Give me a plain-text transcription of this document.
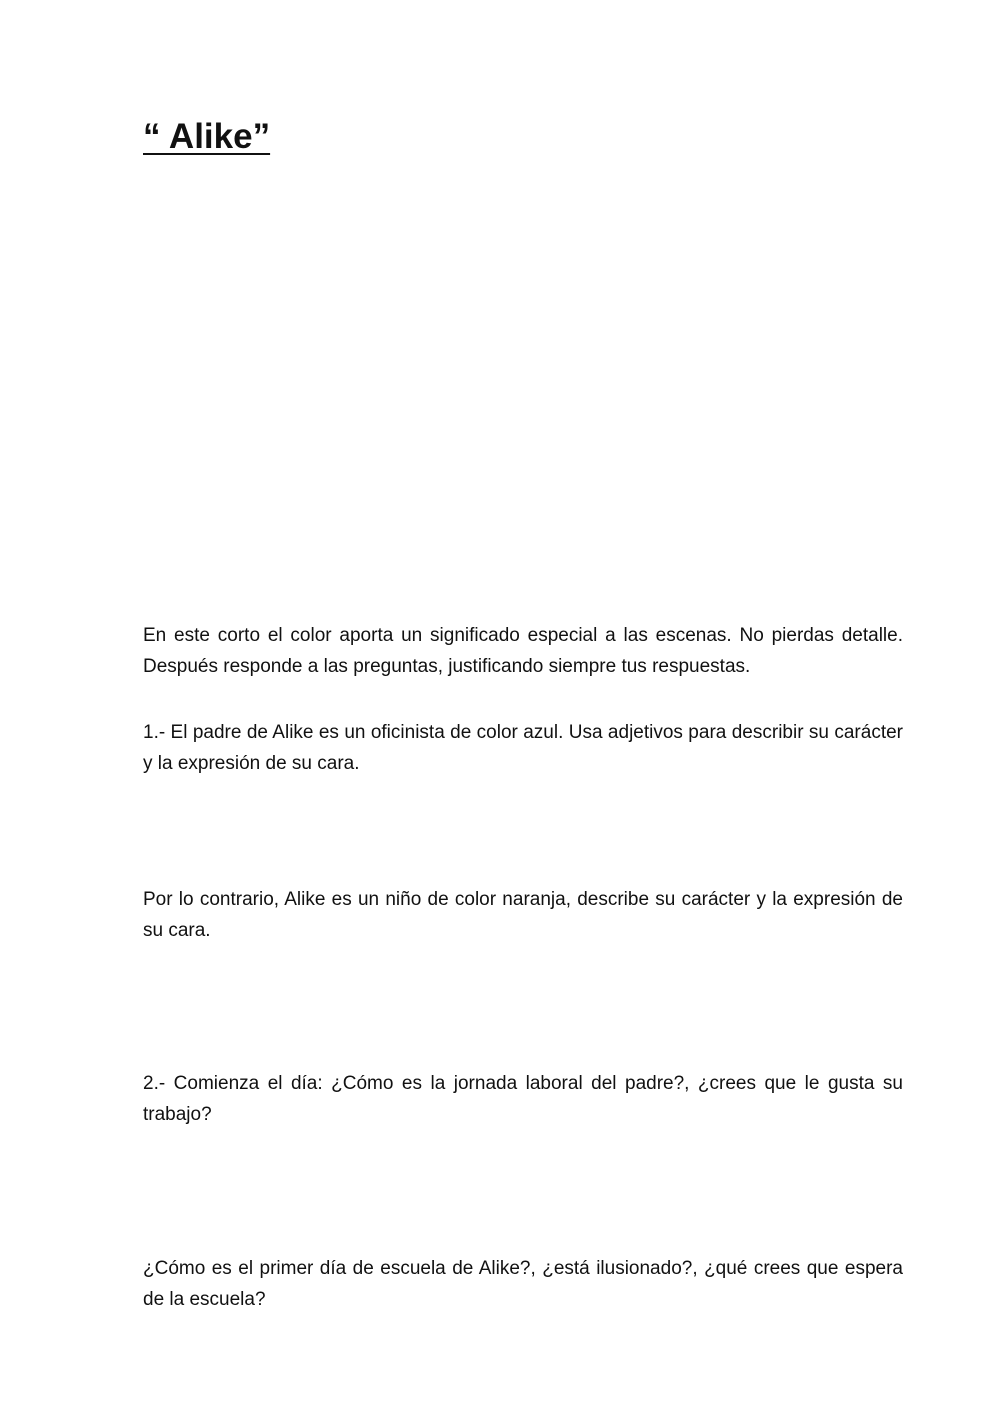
“ Alike”

En este corto el color aporta un significado especial a las escenas. No pierdas detalle. Después responde a las preguntas, justificando siempre tus respuestas.

1.- El padre de Alike es un oficinista de color azul. Usa adjetivos para describir su carácter y la expresión de su cara.

Por lo contrario, Alike es un niño de color naranja, describe su carácter y la expresión de su cara.

2.- Comienza el día: ¿Cómo es la jornada laboral del padre?, ¿crees que le gusta su trabajo?

¿Cómo es el primer día de escuela de Alike?, ¿está ilusionado?, ¿qué crees que espera de la escuela?
